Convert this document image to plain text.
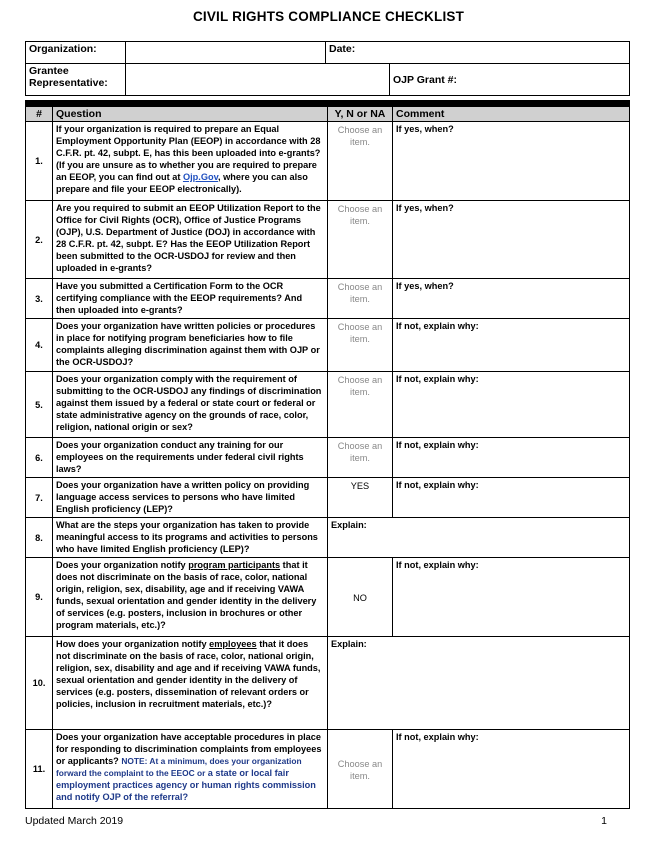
CIVIL RIGHTS COMPLIANCE CHECKLIST
Organization:		Date:	
Grantee Representative:			OJP Grant #:

#	Question	Y, N or NA	Comment
1.	If your organization is required to prepare an Equal Employment Opportunity Plan (EEOP) in accordance with 28 C.F.R. pt. 42, subpt. E, has this been uploaded into e-grants? (If you are unsure as to whether you are required to prepare an EEOP, you can find out at Ojp.Gov, where you can also prepare and file your EEOP electronically).	Choose an item.	If yes, when?
2.	Are you required to submit an EEOP Utilization Report to the Office for Civil Rights (OCR), Office of Justice Programs (OJP), U.S. Department of Justice (DOJ) in accordance with 28 C.F.R. pt. 42, subpt. E? Has the EEOP Utilization Report been submitted to the OCR-USDOJ for review and then uploaded in e-grants?	Choose an item.	If yes, when?
3.	Have you submitted a Certification Form to the OCR certifying compliance with the EEOP requirements? And then uploaded into e-grants?	Choose an item.	If yes, when?
4.	Does your organization have written policies or procedures in place for notifying program beneficiaries how to file complaints alleging discrimination against them with OJP or the OCR-USDOJ?	Choose an item.	If not, explain why:
5.	Does your organization comply with the requirement of submitting to the OCR-USDOJ any findings of discrimination against them issued by a federal or state court or federal or state administrative agency on the grounds of race, color, religion, national origin or sex?	Choose an item.	If not, explain why:
6.	Does your organization conduct any training for our employees on the requirements under federal civil rights laws?	Choose an item.	If not, explain why:
7.	Does your organization have a written policy on providing language access services to persons who have limited English proficiency (LEP)?	YES	If not, explain why:
8.	What are the steps your organization has taken to provide meaningful access to its programs and activities to persons who have limited English proficiency (LEP)?	Explain:	
9.	Does your organization notify program participants that it does not discriminate on the basis of race, color, national origin, religion, sex, disability, age and if receiving VAWA funds, sexual orientation and gender identity in the delivery of services (e.g. posters, inclusion in brochures or other program materials, etc.)?	NO	If not, explain why:
10.	How does your organization notify employees that it does not discriminate on the basis of race, color, national origin, religion, sex, disability and age and if receiving VAWA funds, sexual orientation and gender identity in the delivery of services (e.g. posters, dissemination of relevant orders or policies, inclusion in recruitment materials, etc.)?	Explain:	
11.	Does your organization have acceptable procedures in place for responding to discrimination complaints from employees or applicants? NOTE: At a minimum, does your organization forward the complaint to the EEOC or a state or local fair employment practices agency or human rights commission and notify OJP of the referral?	Choose an item.	If not, explain why:
Updated March 2019	1
